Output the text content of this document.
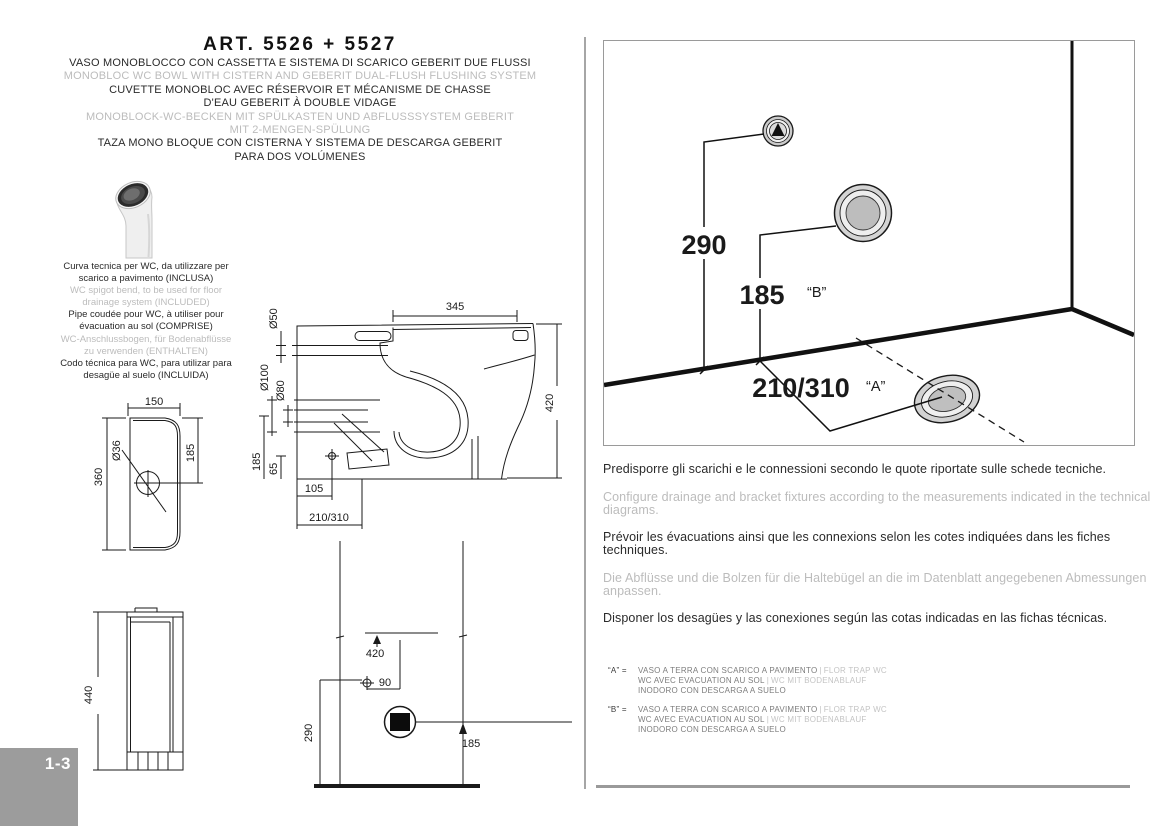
ART. 5526 + 5527
VASO MONOBLOCCO CON CASSETTA E SISTEMA DI SCARICO GEBERIT DUE FLUSSI
MONOBLOC WC BOWL WITH CISTERN AND GEBERIT DUAL-FLUSH FLUSHING SYSTEM
CUVETTE MONOBLOC AVEC RÉSERVOIR ET MÉCANISME DE CHASSE
D'EAU GEBERIT À DOUBLE VIDAGE
MONOBLOCK-WC-BECKEN MIT SPÜLKASTEN UND ABFLUSSSYSTEM GEBERIT
MIT 2-MENGEN-SPÜLUNG
TAZA MONO BLOQUE CON CISTERNA Y SISTEMA DE DESCARGA GEBERIT
PARA DOS VOLÚMENES
Curva tecnica per WC, da utilizzare per
scarico a pavimento (INCLUSA)
WC spigot bend, to be used for floor
drainage system (INCLUDED)
Pipe coudée pour WC, à utiliser pour
évacuation au sol (COMPRISE)
WC-Anschlussbogen, für Bodenabflüsse
zu verwenden (ENTHALTEN)
Codo técnica para WC, para utilizar para
desagüe al suelo (INCLUIDA)
150
360
Ø36	185
Ø50
345
420
Ø100 Ø80
185 65
105
210/310
440
420
90
290
185
290
185 “B”
210/310 “A”

Predisporre gli scarichi e le connessioni secondo le quote riportate sulle schede tecniche.

Configure drainage and bracket fixtures according to the measurements indicated in the technical diagrams.

Prévoir les évacuations ainsi que les connexions selon les cotes indiquées dans les fiches techniques.

Die Abflüsse und die Bolzen für die Haltebügel an die im Datenblatt angegebenen Abmessungen anpassen.

Disponer los desagües y las conexiones según las cotas indicadas en las fichas técnicas.

“A” =	VASO A TERRA CON SCARICO A PAVIMENTO | FLOR TRAP WC
WC AVEC EVACUATION AU SOL | WC MIT BODENABLAUF
INODORO CON DESCARGA A SUELO
“B” =	VASO A TERRA CON SCARICO A PAVIMENTO | FLOR TRAP WC
WC AVEC EVACUATION AU SOL | WC MIT BODENABLAUF
INODORO CON DESCARGA A SUELO
1-3
